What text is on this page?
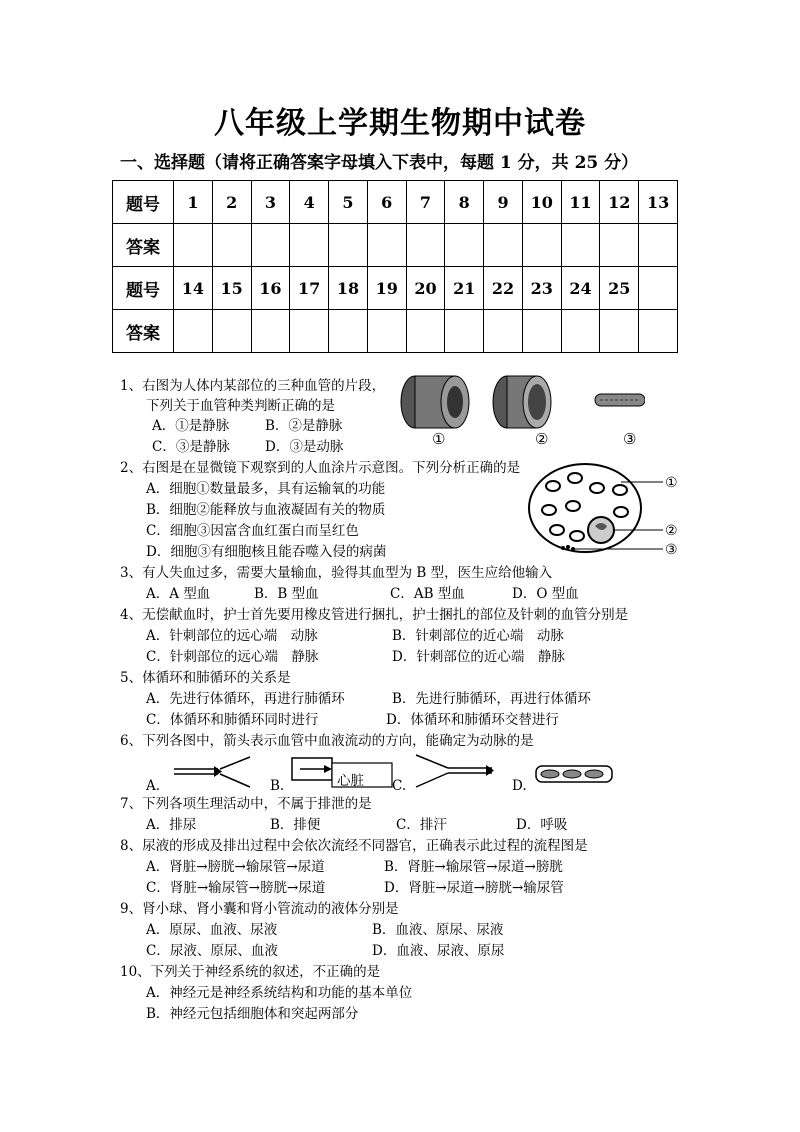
八年级上学期生物期中试卷
一、选择题（请将正确答案字母填入下表中，每题 1 分，共 25 分）
题号	1	2	3	4	5	6	7	8	9	10	11	12	13
答案													
题号	14	15	16	17	18	19	20	21	22	23	24	25	
答案													
1、右图为人体内某部位的三种血管的片段，
下列关于血管种类判断正确的是
A．①是静脉	B．②是静脉
C．③是静脉	D．③是动脉	①	②	③
2、右图是在显微镜下观察到的人血涂片示意图。下列分析正确的是
A．细胞①数量最多，具有运输氧的功能
B．细胞②能释放与血液凝固有关的物质
C．细胞③因富含血红蛋白而呈红色
D．细胞③有细胞核且能吞噬入侵的病菌
①
②
③
3、有人失血过多，需要大量输血，验得其血型为 B 型，医生应给他输入
A．A 型血	B．B 型血	C．AB 型血	D．O 型血
4、无偿献血时，护士首先要用橡皮管进行捆扎，护士捆扎的部位及针刺的血管分别是
A．针刺部位的远心端　动脉	B．针刺部位的近心端　动脉
C．针刺部位的远心端　静脉	D．针刺部位的近心端　静脉
5、体循环和肺循环的关系是
A．先进行体循环，再进行肺循环	B．先进行肺循环，再进行体循环
C．体循环和肺循环同时进行	D．体循环和肺循环交替进行
6、下列各图中，箭头表示血管中血液流动的方向，能确定为动脉的是
A.	B.	心脏 C.	D.
7、下列各项生理活动中，不属于排泄的是
A．排尿	B．排便	C．排汗	D．呼吸
8、尿液的形成及排出过程中会依次流经不同器官，正确表示此过程的流程图是
A．肾脏→膀胱→输尿管→尿道	B．肾脏→输尿管→尿道→膀胱
C．肾脏→输尿管→膀胱→尿道	D．肾脏→尿道→膀胱→输尿管
9、肾小球、肾小囊和肾小管流动的液体分别是
A．原尿、血液、尿液	B．血液、原尿、尿液
C．尿液、原尿、血液	D．血液、尿液、原尿
10、下列关于神经系统的叙述，不正确的是
A．神经元是神经系统结构和功能的基本单位
B．神经元包括细胞体和突起两部分
